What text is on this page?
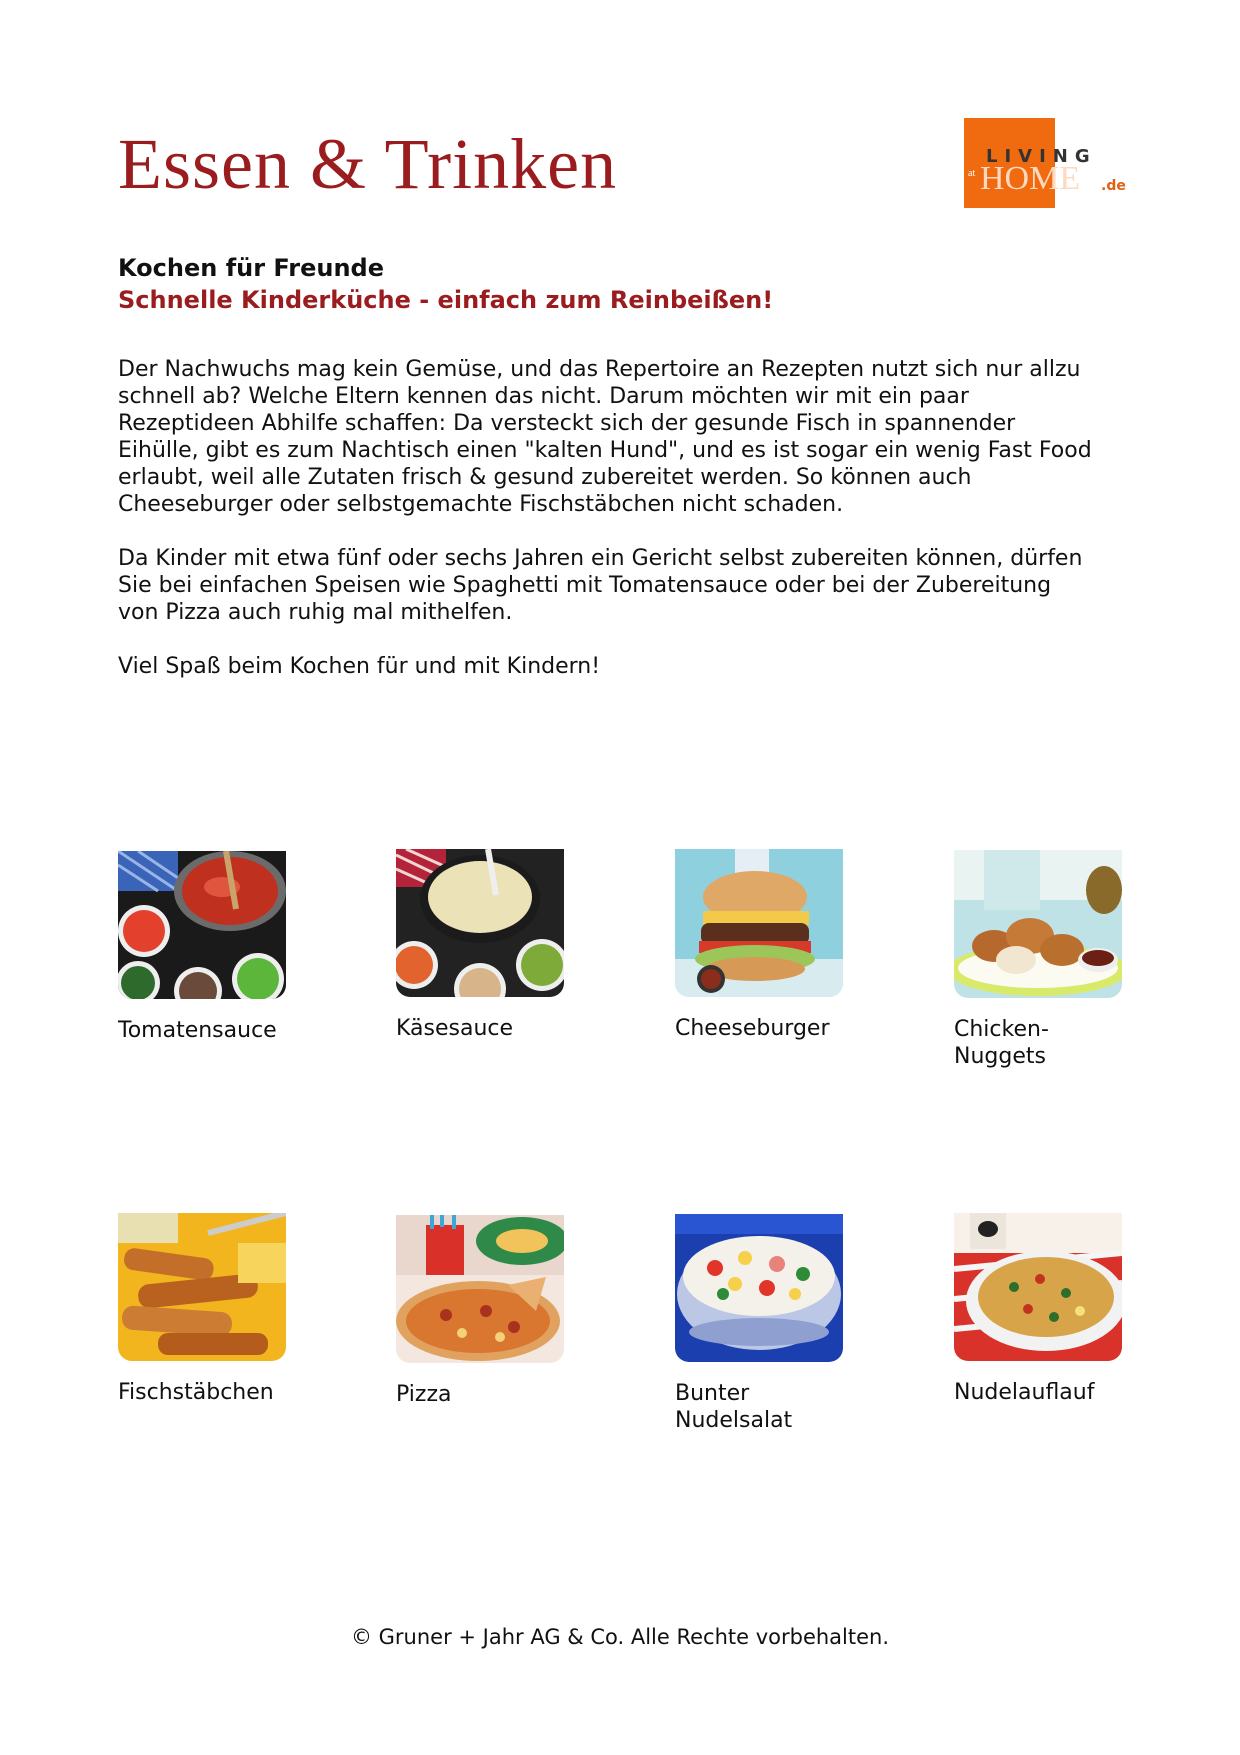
Essen & Trinken	LIVING
at HOME .de
Kochen für Freunde
Schnelle Kinderküche - einfach zum Reinbeißen!

Der Nachwuchs mag kein Gemüse, und das Repertoire an Rezepten nutzt sich nur allzu schnell ab? Welche Eltern kennen das nicht. Darum möchten wir mit ein paar Rezeptideen Abhilfe schaffen: Da versteckt sich der gesunde Fisch in spannender Eihülle, gibt es zum Nachtisch einen "kalten Hund", und es ist sogar ein wenig Fast Food erlaubt, weil alle Zutaten frisch & gesund zubereitet werden. So können auch Cheeseburger oder selbstgemachte Fischstäbchen nicht schaden.

Da Kinder mit etwa fünf oder sechs Jahren ein Gericht selbst zubereiten können, dürfen Sie bei einfachen Speisen wie Spaghetti mit Tomatensauce oder bei der Zubereitung von Pizza auch ruhig mal mithelfen.

Viel Spaß beim Kochen für und mit Kindern!

Tomatensauce	Käsesauce	Cheeseburger	Chicken-Nuggets
Fischstäbchen	Pizza	Bunter Nudelsalat
Nudelauflauf
© Gruner + Jahr AG & Co. Alle Rechte vorbehalten.
